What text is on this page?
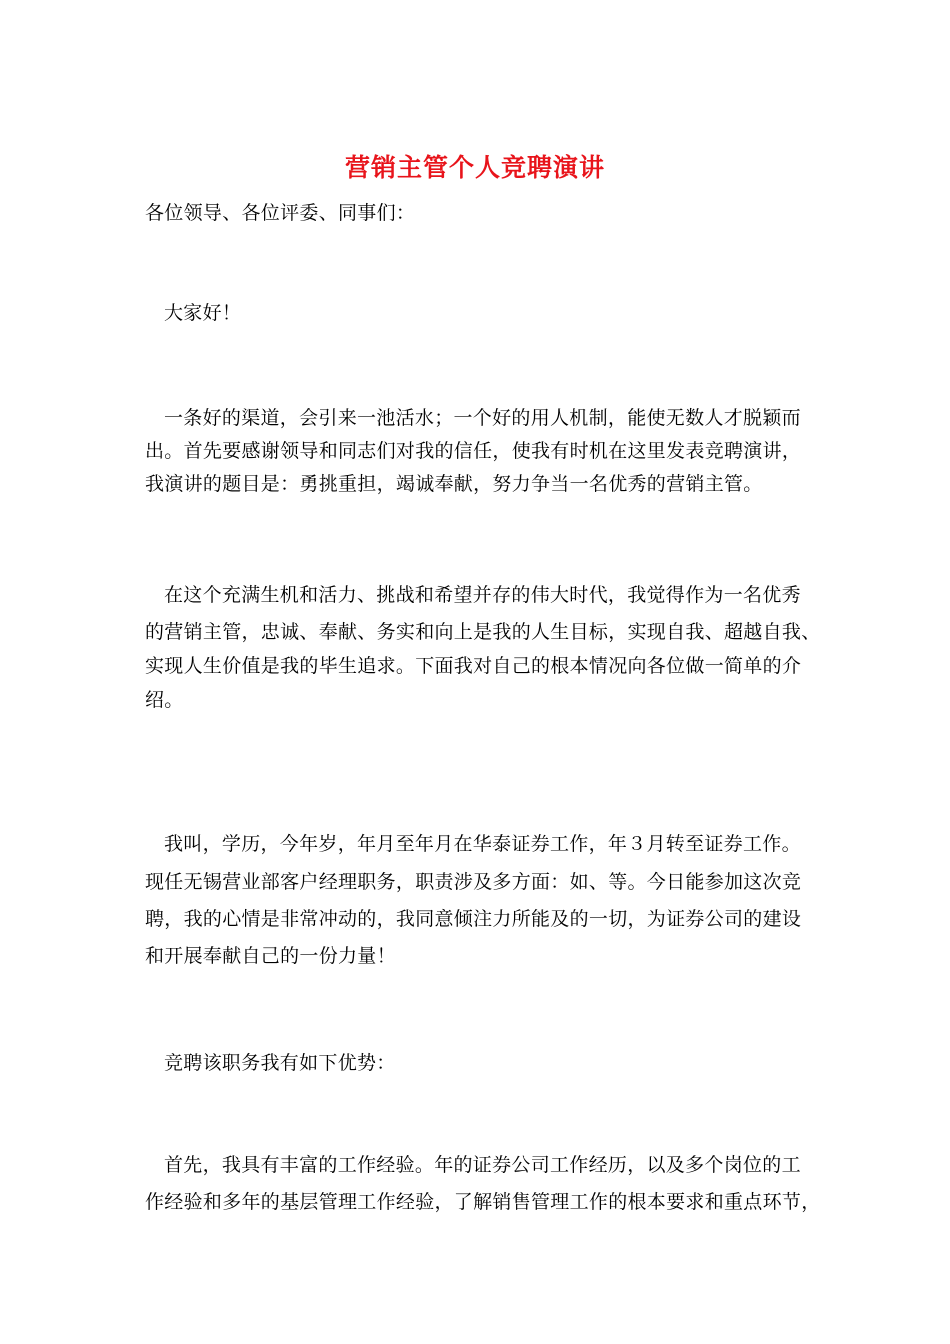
营销主管个人竞聘演讲
各位领导、各位评委、同事们：
大家好！
一条好的渠道，会引来一池活水；一个好的用人机制，能使无数人才脱颖而
出。首先要感谢领导和同志们对我的信任，使我有时机在这里发表竞聘演讲，
我演讲的题目是：勇挑重担，竭诚奉献，努力争当一名优秀的营销主管。
在这个充满生机和活力、挑战和希望并存的伟大时代，我觉得作为一名优秀
的营销主管，忠诚、奉献、务实和向上是我的人生目标，实现自我、超越自我、
实现人生价值是我的毕生追求。下面我对自己的根本情况向各位做一简单的介
绍。
我叫，学历，今年岁，年月至年月在华泰证券工作，年３月转至证券工作。
现任无锡营业部客户经理职务，职责涉及多方面：如、等。今日能参加这次竞
聘，我的心情是非常冲动的，我同意倾注力所能及的一切，为证券公司的建设
和开展奉献自己的一份力量！
竞聘该职务我有如下优势：
首先，我具有丰富的工作经验。年的证券公司工作经历，以及多个岗位的工
作经验和多年的基层管理工作经验，了解销售管理工作的根本要求和重点环节，
